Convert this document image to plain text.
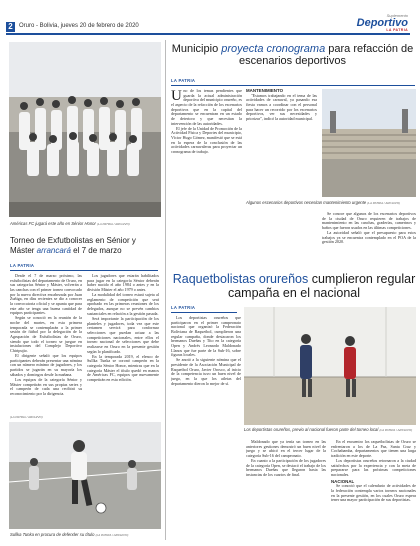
2	Oruro - Bolivia, jueves 20 de febrero de 2020
Suplemento
Deportivo
LA PATRIA
Américas FC jugará este año en Sénior Honor (LA PATRIA / ARCHIVO)
Torneo de Exfutbolistas en Sénior y Máster arrancará el 7 de marzo
LA PATRIA

Desde el 7 de marzo próximo, las exfutbolistas del departamento de Oruro, en sus categorías Sénior y Máster, volverán a las canchas con el primer torneo convocado por la nueva directiva encabezada por Juan Zuñiga, en días recientes se dio a conocer la convocatoria oficial y se apunta que para este año se tenga una buena cantidad de equipos participantes.

Según se conoció en la reunión de la noche del martes, en esta primera temporada se contemplarán a la primer sesión de fútbol por la delegación de la Agrupación de Exfutbolistas de Oruro, siendo que todo el torneo se juegue en instalaciones del Complejo Deportivo Chiripujio.

El dirigente señaló que los equipos participantes deberán presentar una nómina con un número mínimo de jugadores, y los partidos se jugarán en su mayoría los sábados y domingos desde la mañana.

Los equipos de la categoría Sénior y Máster competirán en sus propias series y el campeón de cada una recibirá su reconocimiento por la dirigencia.

Los jugadores que estarán habilitados para jugar en la categoría Sénior deberán haber nacido el año 1984 o antes y en la división Máster el año 1979 o antes.

La modalidad del torneo estará sujeta al reglamento de competición que será aprobado en las primeras reuniones de los delegados, aunque no se prevén cambios sustanciales en relación a la gestión pasada.

Será importante la participación de los planteles y jugadores, toda vez que este certamen servirá para conformar selecciones que puedan actuar a las competiciones nacionales, entre ellos el torneo nacional de selecciones que debe realizarse en Oruro en la presente gestión según lo planificado.

En la temporada 2019, el elenco de Sullka Tunka se coronó campeón en la categoría Sénior Honor, mientras que en la categoría Máster el título quedó en manos de Américas FC, equipos que nuevamente competirán en esta edición.

(LA PATRIA / ARCHIVO)
Sullka Tunka en procura de defender su título (LA PATRIA / ARCHIVO)
Municipio proyecta cronograma para refacción de escenarios deportivos
LA PATRIA

Uno de los temas pendientes que guarda la actual administración deportiva del municipio orureño, es el aspecto de la refacción de los escenarios deportivos que en la capital del departamento se encuentran en un estado de deterioro y que necesitan la intervención de las autoridades.

El jefe de la Unidad de Promoción de la Actividad Física y Deportes del municipio, Víctor Hugo Gómez, manifestó que se está en la espera de la conclusión de las actividades carnavaleras para proyectar un cronograma de trabajo.

MANTENIMIENTO

"Estamos trabajando en el tema de las actividades de carnaval, ya pasando esa fiesta vamos a coordinar con el personal para hacer un recorrido por los escenarios deportivos, ver sus necesidades y priorizar", indicó la autoridad municipal.

Algunos escenarios deportivos necesitan mantenimiento urgente (LA PATRIA / ARCHIVO)

Se conoce que algunos de los escenarios deportivos de la ciudad de Oruro requieren de trabajos de mantenimiento en las canchas, graderías, camerinos y baños que fueron usados en las últimas competiciones.

La autoridad señaló que el presupuesto para estos trabajos ya se encuentra contemplado en el POA de la gestión 2020.

Raquetbolistas orureños cumplieron regular campaña en el nacional
LA PATRIA

Los deportistas orureños que participaron en el primer campeonato nacional que organizó la Federación Boliviana de Raquetbol, cumplieron una regular campaña, donde destacaron los hermanos Dueñas y Tito en la categoría Open y Andrés Leonardo Maldonado Llanos que fue parte de la Sub-16, sobre figuras locales.

Se anotó a la siguiente nómina que el presidente de la Asociación Municipal de Raquetbol Oruro, Javier Orosco, al inicio de la competencia tuvo un buen nivel de juego, en la que los atletas del departamento dieron lo mejor de sí.

Los deportistas orureños, previo al nacional fueron parte del torneo local (LA PATRIA / ARCHIVO)

Maldonado que ya tenía un torneo en las anteriores gestiones demostró un buen nivel de juego y se ubicó en el tercer lugar de la categoría Sub-16 del campeonato.

En cuanto a la participación de los jugadores de la categoría Open, se destacó el trabajo de los hermanos Dueñas que llegaron hasta las instancias de los cuartos de final.

En el encuentro los raquetbolistas de Oruro se enfrentaron a los de La Paz, Santa Cruz y Cochabamba, departamentos que tienen una larga tradición en este deporte.

Los deportistas orureños retornaron a la ciudad satisfechos por la experiencia y con la meta de prepararse para las próximas competiciones nacionales.

NACIONAL

Se conoció que el calendario de actividades de la federación contempla varios torneos nacionales en la presente gestión, en los cuales Oruro espera tener una mayor participación de sus deportistas.
